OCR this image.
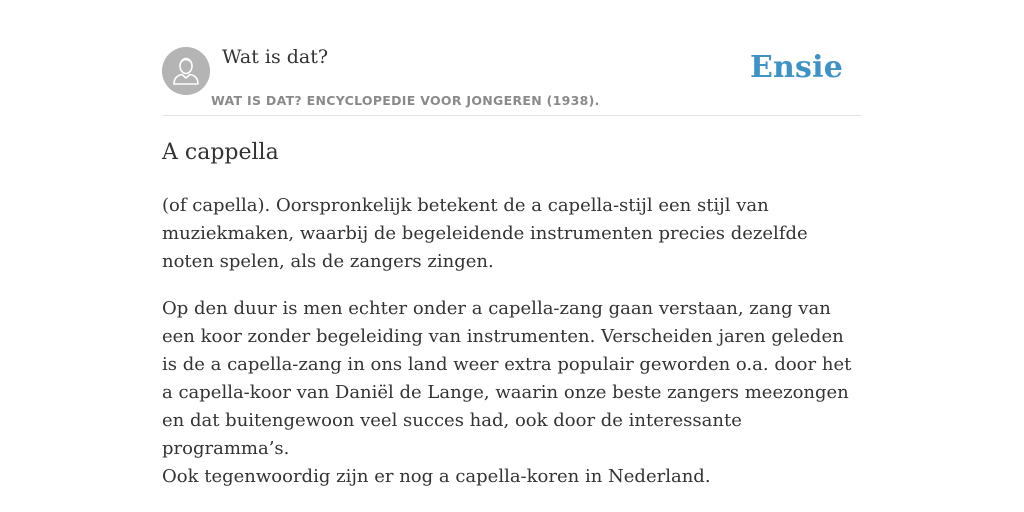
Wat is dat?
WAT IS DAT? ENCYCLOPEDIE VOOR JONGEREN (1938).
Ensie
A cappella

(of capella). Oorspronkelijk betekent de a capella-stijl een stijl van muziekmaken, waarbij de begeleidende instrumenten precies dezelfde noten spelen, als de zangers zingen.

Op den duur is men echter onder a capella-zang gaan verstaan, zang van een koor zonder begeleiding van instrumenten. Verscheiden jaren geleden is de a capella-zang in ons land weer extra populair geworden o.a. door het a capella-koor van Daniël de Lange, waarin onze beste zangers meezongen en dat buitengewoon veel succes had, ook door de interessante programma’s.

Ook tegenwoordig zijn er nog a capella-koren in Nederland.
